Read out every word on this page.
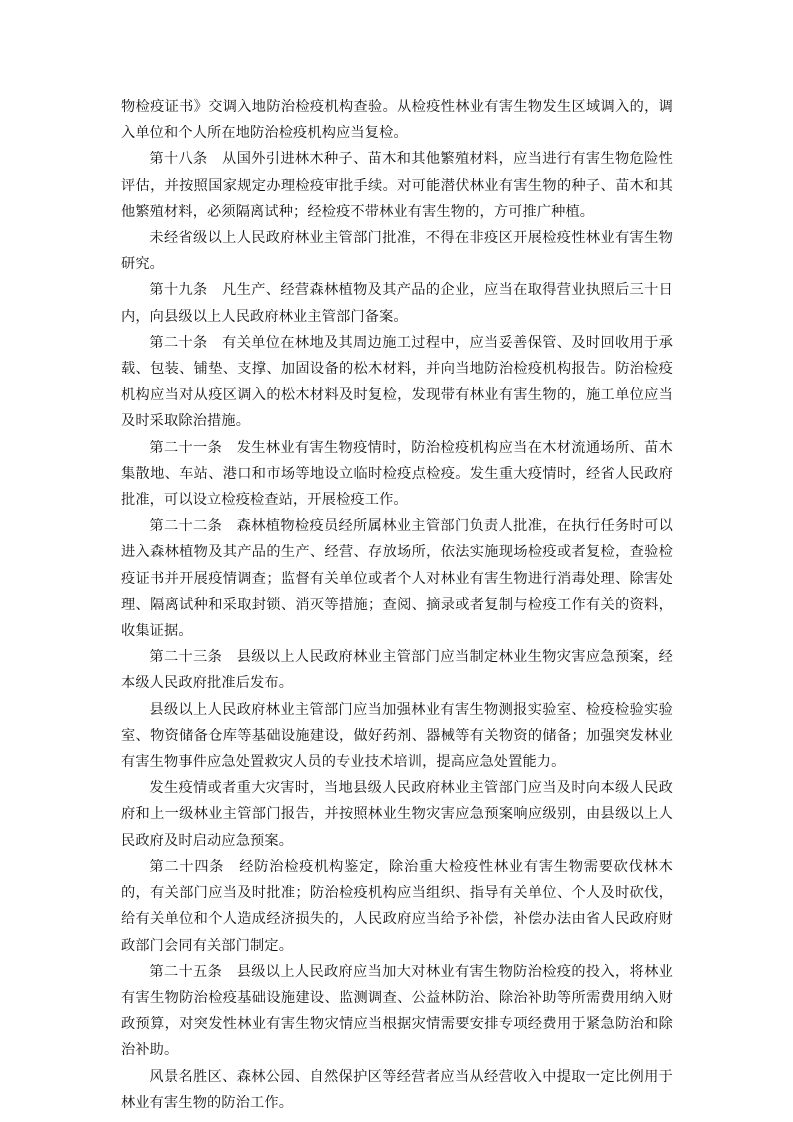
物检疫证书》交调入地防治检疫机构查验。从检疫性林业有害生物发生区域调入的，调入单位和个人所在地防治检疫机构应当复检。

第十八条　从国外引进林木种子、苗木和其他繁殖材料，应当进行有害生物危险性评估，并按照国家规定办理检疫审批手续。对可能潜伏林业有害生物的种子、苗木和其他繁殖材料，必须隔离试种；经检疫不带林业有害生物的，方可推广种植。

未经省级以上人民政府林业主管部门批准，不得在非疫区开展检疫性林业有害生物研究。

第十九条　凡生产、经营森林植物及其产品的企业，应当在取得营业执照后三十日内，向县级以上人民政府林业主管部门备案。

第二十条　有关单位在林地及其周边施工过程中，应当妥善保管、及时回收用于承载、包装、铺垫、支撑、加固设备的松木材料，并向当地防治检疫机构报告。防治检疫机构应当对从疫区调入的松木材料及时复检，发现带有林业有害生物的，施工单位应当及时采取除治措施。

第二十一条　发生林业有害生物疫情时，防治检疫机构应当在木材流通场所、苗木集散地、车站、港口和市场等地设立临时检疫点检疫。发生重大疫情时，经省人民政府批准，可以设立检疫检查站，开展检疫工作。

第二十二条　森林植物检疫员经所属林业主管部门负责人批准，在执行任务时可以进入森林植物及其产品的生产、经营、存放场所，依法实施现场检疫或者复检，查验检疫证书并开展疫情调查；监督有关单位或者个人对林业有害生物进行消毒处理、除害处理、隔离试种和采取封锁、消灭等措施；查阅、摘录或者复制与检疫工作有关的资料，收集证据。

第二十三条　县级以上人民政府林业主管部门应当制定林业生物灾害应急预案，经本级人民政府批准后发布。

县级以上人民政府林业主管部门应当加强林业有害生物测报实验室、检疫检验实验室、物资储备仓库等基础设施建设，做好药剂、器械等有关物资的储备；加强突发林业有害生物事件应急处置救灾人员的专业技术培训，提高应急处置能力。

发生疫情或者重大灾害时，当地县级人民政府林业主管部门应当及时向本级人民政府和上一级林业主管部门报告，并按照林业生物灾害应急预案响应级别，由县级以上人民政府及时启动应急预案。

第二十四条　经防治检疫机构鉴定，除治重大检疫性林业有害生物需要砍伐林木的，有关部门应当及时批准；防治检疫机构应当组织、指导有关单位、个人及时砍伐，给有关单位和个人造成经济损失的，人民政府应当给予补偿，补偿办法由省人民政府财政部门会同有关部门制定。

第二十五条　县级以上人民政府应当加大对林业有害生物防治检疫的投入，将林业有害生物防治检疫基础设施建设、监测调查、公益林防治、除治补助等所需费用纳入财政预算，对突发性林业有害生物灾情应当根据灾情需要安排专项经费用于紧急防治和除治补助。

风景名胜区、森林公园、自然保护区等经营者应当从经营收入中提取一定比例用于林业有害生物的防治工作。
